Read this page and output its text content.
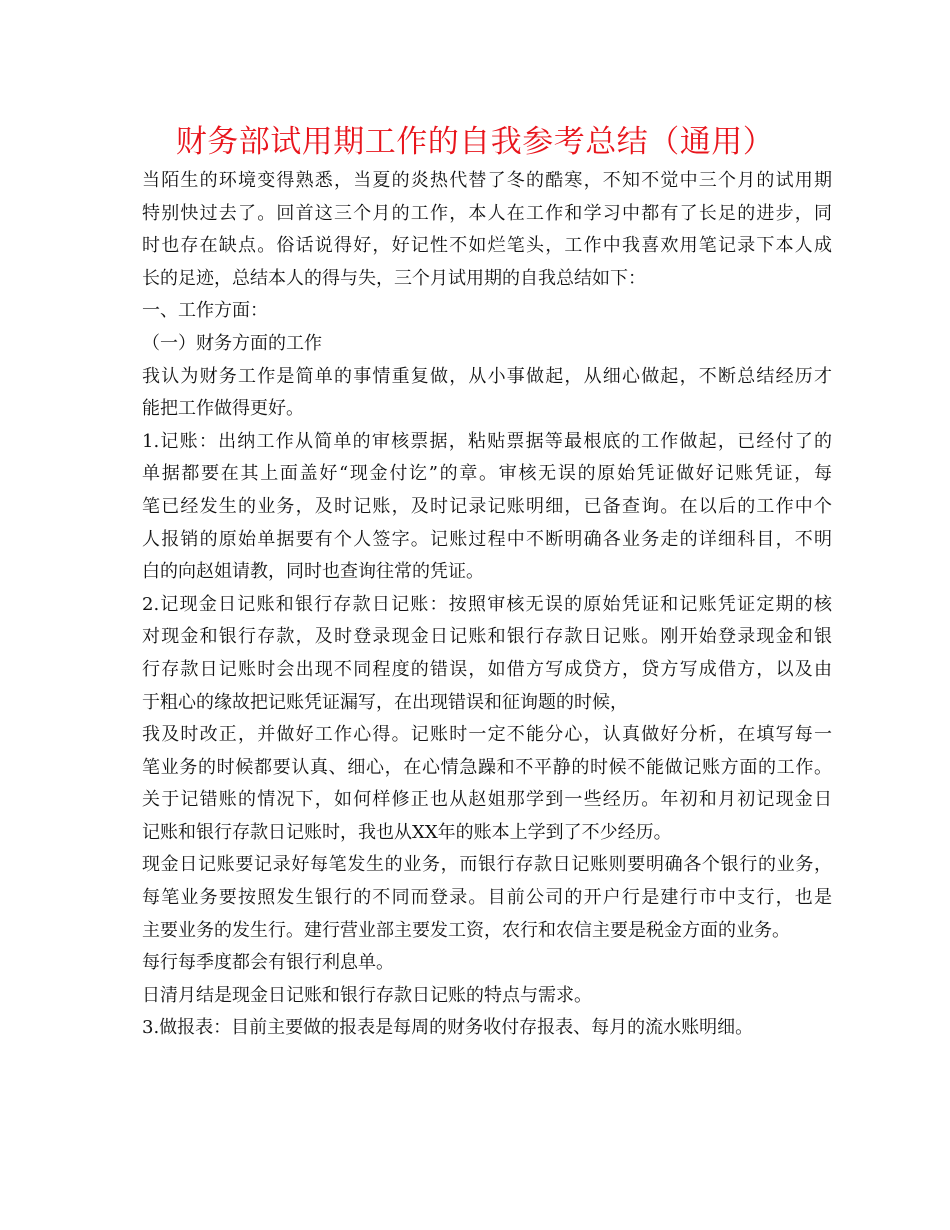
财务部试用期工作的自我参考总结（通用）

当陌生的环境变得熟悉，当夏的炎热代替了冬的酷寒，不知不觉中三个月的试用期

特别快过去了。回首这三个月的工作，本人在工作和学习中都有了长足的进步，同

时也存在缺点。俗话说得好，好记性不如烂笔头，工作中我喜欢用笔记录下本人成

长的足迹，总结本人的得与失，三个月试用期的自我总结如下：

一、工作方面：

（一）财务方面的工作

我认为财务工作是简单的事情重复做，从小事做起，从细心做起，不断总结经历才

能把工作做得更好。

1.记账：出纳工作从简单的审核票据，粘贴票据等最根底的工作做起，已经付了的

单据都要在其上面盖好“现金付讫”的章。审核无误的原始凭证做好记账凭证，每

笔已经发生的业务，及时记账，及时记录记账明细，已备查询。在以后的工作中个

人报销的原始单据要有个人签字。记账过程中不断明确各业务走的详细科目，不明

白的向赵姐请教，同时也查询往常的凭证。

2.记现金日记账和银行存款日记账：按照审核无误的原始凭证和记账凭证定期的核

对现金和银行存款，及时登录现金日记账和银行存款日记账。刚开始登录现金和银

行存款日记账时会出现不同程度的错误，如借方写成贷方，贷方写成借方，以及由

于粗心的缘故把记账凭证漏写，在出现错误和征询题的时候，

我及时改正，并做好工作心得。记账时一定不能分心，认真做好分析，在填写每一

笔业务的时候都要认真、细心，在心情急躁和不平静的时候不能做记账方面的工作。

关于记错账的情况下，如何样修正也从赵姐那学到一些经历。年初和月初记现金日

记账和银行存款日记账时，我也从XX年的账本上学到了不少经历。

现金日记账要记录好每笔发生的业务，而银行存款日记账则要明确各个银行的业务，

每笔业务要按照发生银行的不同而登录。目前公司的开户行是建行市中支行，也是

主要业务的发生行。建行营业部主要发工资，农行和农信主要是税金方面的业务。

每行每季度都会有银行利息单。

日清月结是现金日记账和银行存款日记账的特点与需求。

3.做报表：目前主要做的报表是每周的财务收付存报表、每月的流水账明细。
